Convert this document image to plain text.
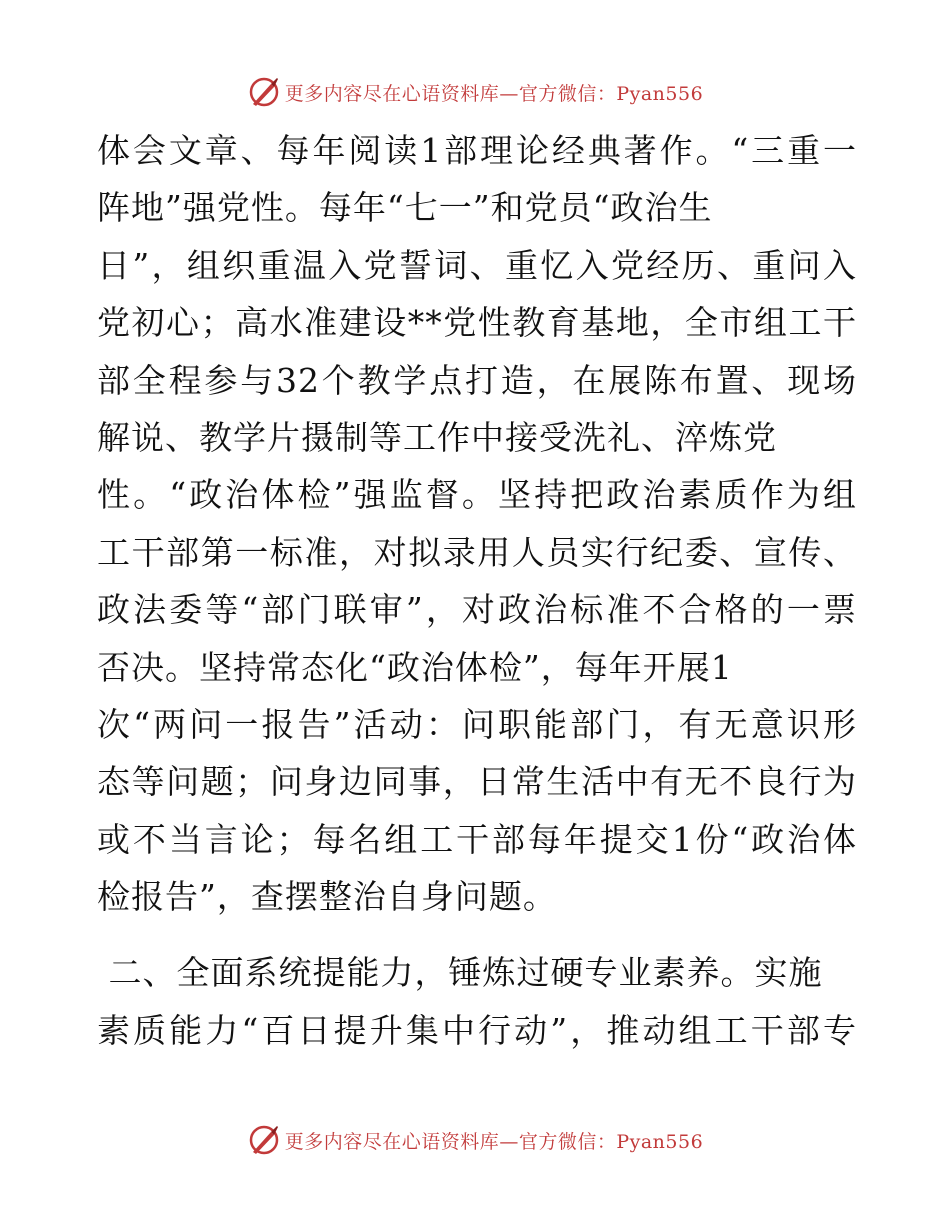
更多内容尽在心语资料库—官方微信：Pyan556
体会文章、每年阅读1部理论经典著作。“三重一
阵地”强党性。每年“七一”和党员“政治生
日”，组织重温入党誓词、重忆入党经历、重问入
党初心；高水准建设**党性教育基地，全市组工干
部全程参与32个教学点打造，在展陈布置、现场
解说、教学片摄制等工作中接受洗礼、淬炼党
性。“政治体检”强监督。坚持把政治素质作为组
工干部第一标准，对拟录用人员实行纪委、宣传、
政法委等“部门联审”，对政治标准不合格的一票
否决。坚持常态化“政治体检”，每年开展1
次“两问一报告”活动：问职能部门，有无意识形
态等问题；问身边同事，日常生活中有无不良行为
或不当言论；每名组工干部每年提交1份“政治体
检报告”，查摆整治自身问题。
二、全面系统提能力，锤炼过硬专业素养。实施
素质能力“百日提升集中行动”，推动组工干部专
更多内容尽在心语资料库—官方微信：Pyan556
